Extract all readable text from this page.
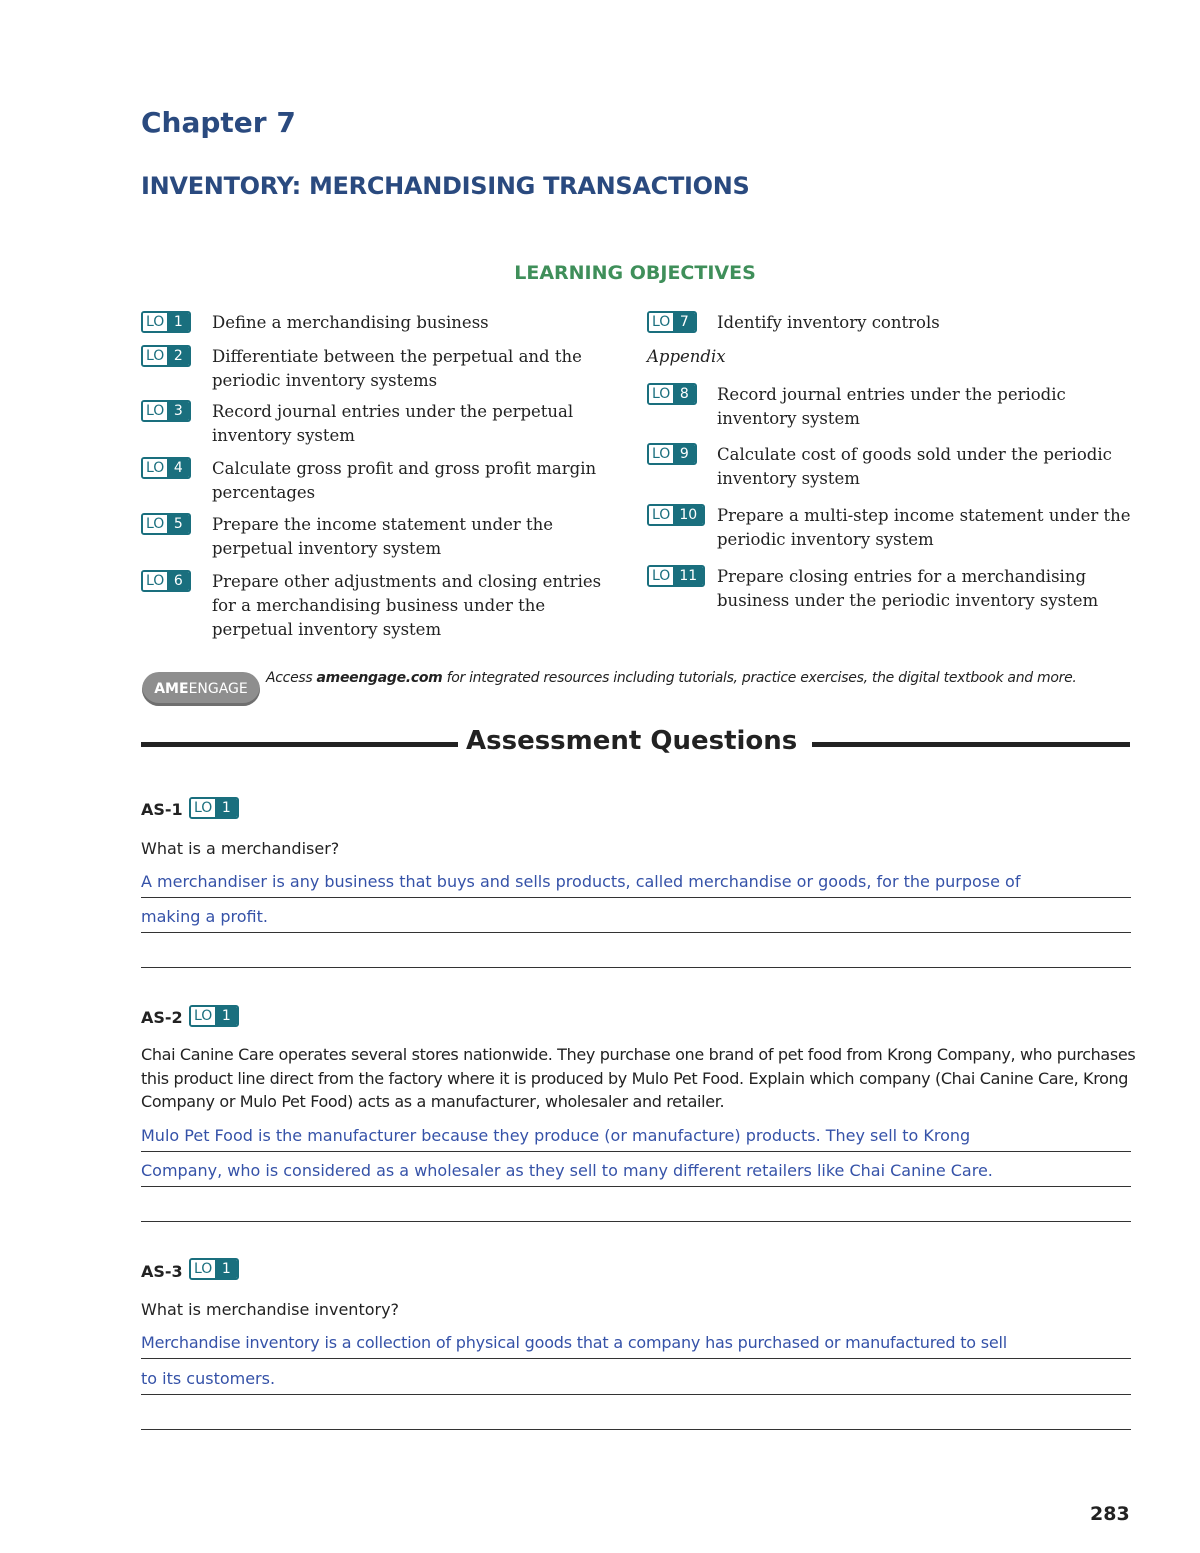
Chapter 7
INVENTORY: MERCHANDISING TRANSACTIONS
LEARNING OBJECTIVES
LO 1	Define a merchandising business
LO 2	Differentiate between the perpetual and the periodic inventory systems
LO 3	Record journal entries under the perpetual inventory system
LO 4	Calculate gross profit and gross profit margin percentages
LO 5	Prepare the income statement under the perpetual inventory system
LO 6	Prepare other adjustments and closing entries for a merchandising business under the perpetual inventory system
LO 7	Identify inventory controls
Appendix
LO 8	Record journal entries under the periodic inventory system
LO 9	Calculate cost of goods sold under the periodic inventory system
LO 10	Prepare a multi-step income statement under the periodic inventory system
LO 11	Prepare closing entries for a merchandising business under the periodic inventory system
AME ENGAGE
Access ameengage.com for integrated resources including tutorials, practice exercises, the digital textbook and more.
Assessment Questions
AS-1 LO 1
What is a merchandiser?
A merchandiser is any business that buys and sells products, called merchandise or goods, for the purpose of
making a profit.
AS-2 LO 1
Chai Canine Care operates several stores nationwide. They purchase one brand of pet food from Krong Company, who purchases this product line direct from the factory where it is produced by Mulo Pet Food. Explain which company (Chai Canine Care, Krong Company or Mulo Pet Food) acts as a manufacturer, wholesaler and retailer.
Mulo Pet Food is the manufacturer because they produce (or manufacture) products. They sell to Krong
Company, who is considered as a wholesaler as they sell to many different retailers like Chai Canine Care.
AS-3 LO 1
What is merchandise inventory?
Merchandise inventory is a collection of physical goods that a company has purchased or manufactured to sell
to its customers.
283
